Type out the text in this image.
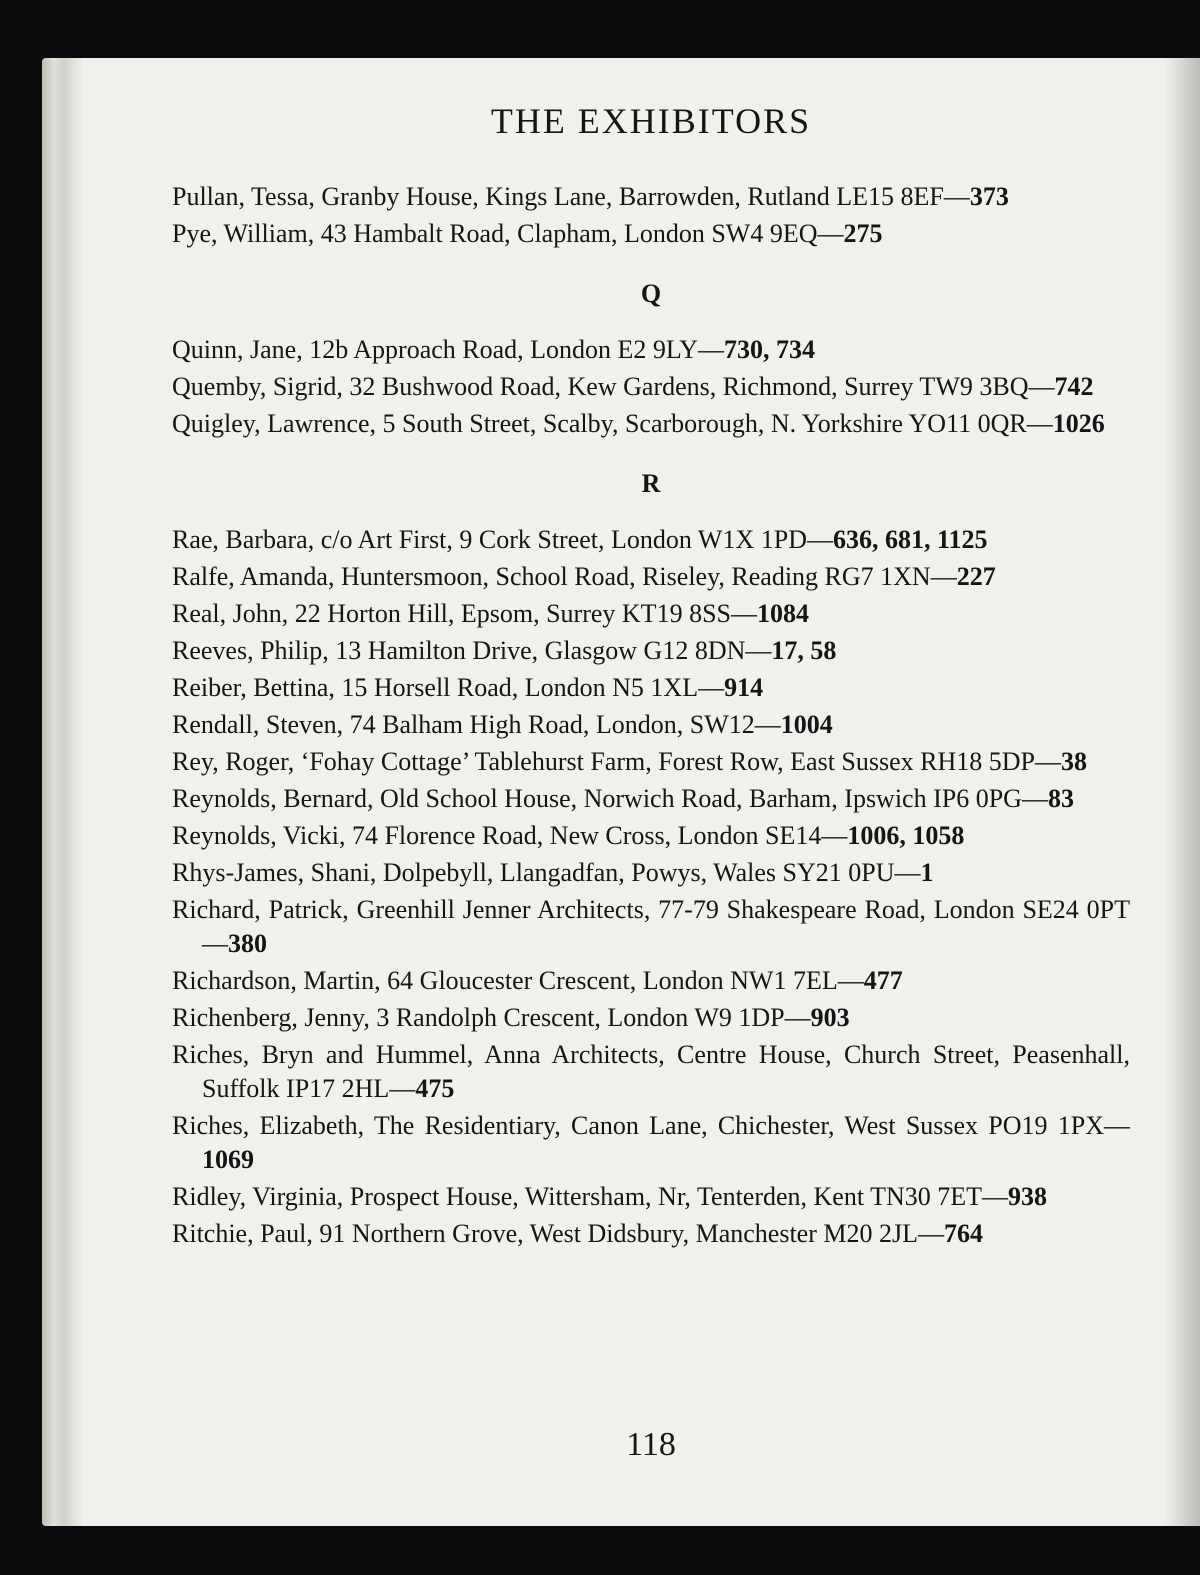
THE EXHIBITORS

Pullan, Tessa, Granby House, Kings Lane, Barrowden, Rutland LE15 8EF—373

Pye, William, 43 Hambalt Road, Clapham, London SW4 9EQ—275

Q

Quinn, Jane, 12b Approach Road, London E2 9LY—730, 734

Quemby, Sigrid, 32 Bushwood Road, Kew Gardens, Richmond, Surrey TW9 3BQ—742

Quigley, Lawrence, 5 South Street, Scalby, Scarborough, N. Yorkshire YO11 0QR—1026

R

Rae, Barbara, c/o Art First, 9 Cork Street, London W1X 1PD—636, 681, 1125

Ralfe, Amanda, Huntersmoon, School Road, Riseley, Reading RG7 1XN—227

Real, John, 22 Horton Hill, Epsom, Surrey KT19 8SS—1084

Reeves, Philip, 13 Hamilton Drive, Glasgow G12 8DN—17, 58

Reiber, Bettina, 15 Horsell Road, London N5 1XL—914

Rendall, Steven, 74 Balham High Road, London, SW12—1004

Rey, Roger, ‘Fohay Cottage’ Tablehurst Farm, Forest Row, East Sussex RH18 5DP—38

Reynolds, Bernard, Old School House, Norwich Road, Barham, Ipswich IP6 0PG—83

Reynolds, Vicki, 74 Florence Road, New Cross, London SE14—1006, 1058

Rhys-James, Shani, Dolpebyll, Llangadfan, Powys, Wales SY21 0PU—1

Richard, Patrick, Greenhill Jenner Architects, 77-79 Shakespeare Road, London SE24 0PT—380

Richardson, Martin, 64 Gloucester Crescent, London NW1 7EL—477

Richenberg, Jenny, 3 Randolph Crescent, London W9 1DP—903

Riches, Bryn and Hummel, Anna Architects, Centre House, Church Street, Peasenhall, Suffolk IP17 2HL—475

Riches, Elizabeth, The Residentiary, Canon Lane, Chichester, West Sussex PO19 1PX—1069

Ridley, Virginia, Prospect House, Wittersham, Nr, Tenterden, Kent TN30 7ET—938

Ritchie, Paul, 91 Northern Grove, West Didsbury, Manchester M20 2JL—764

118
